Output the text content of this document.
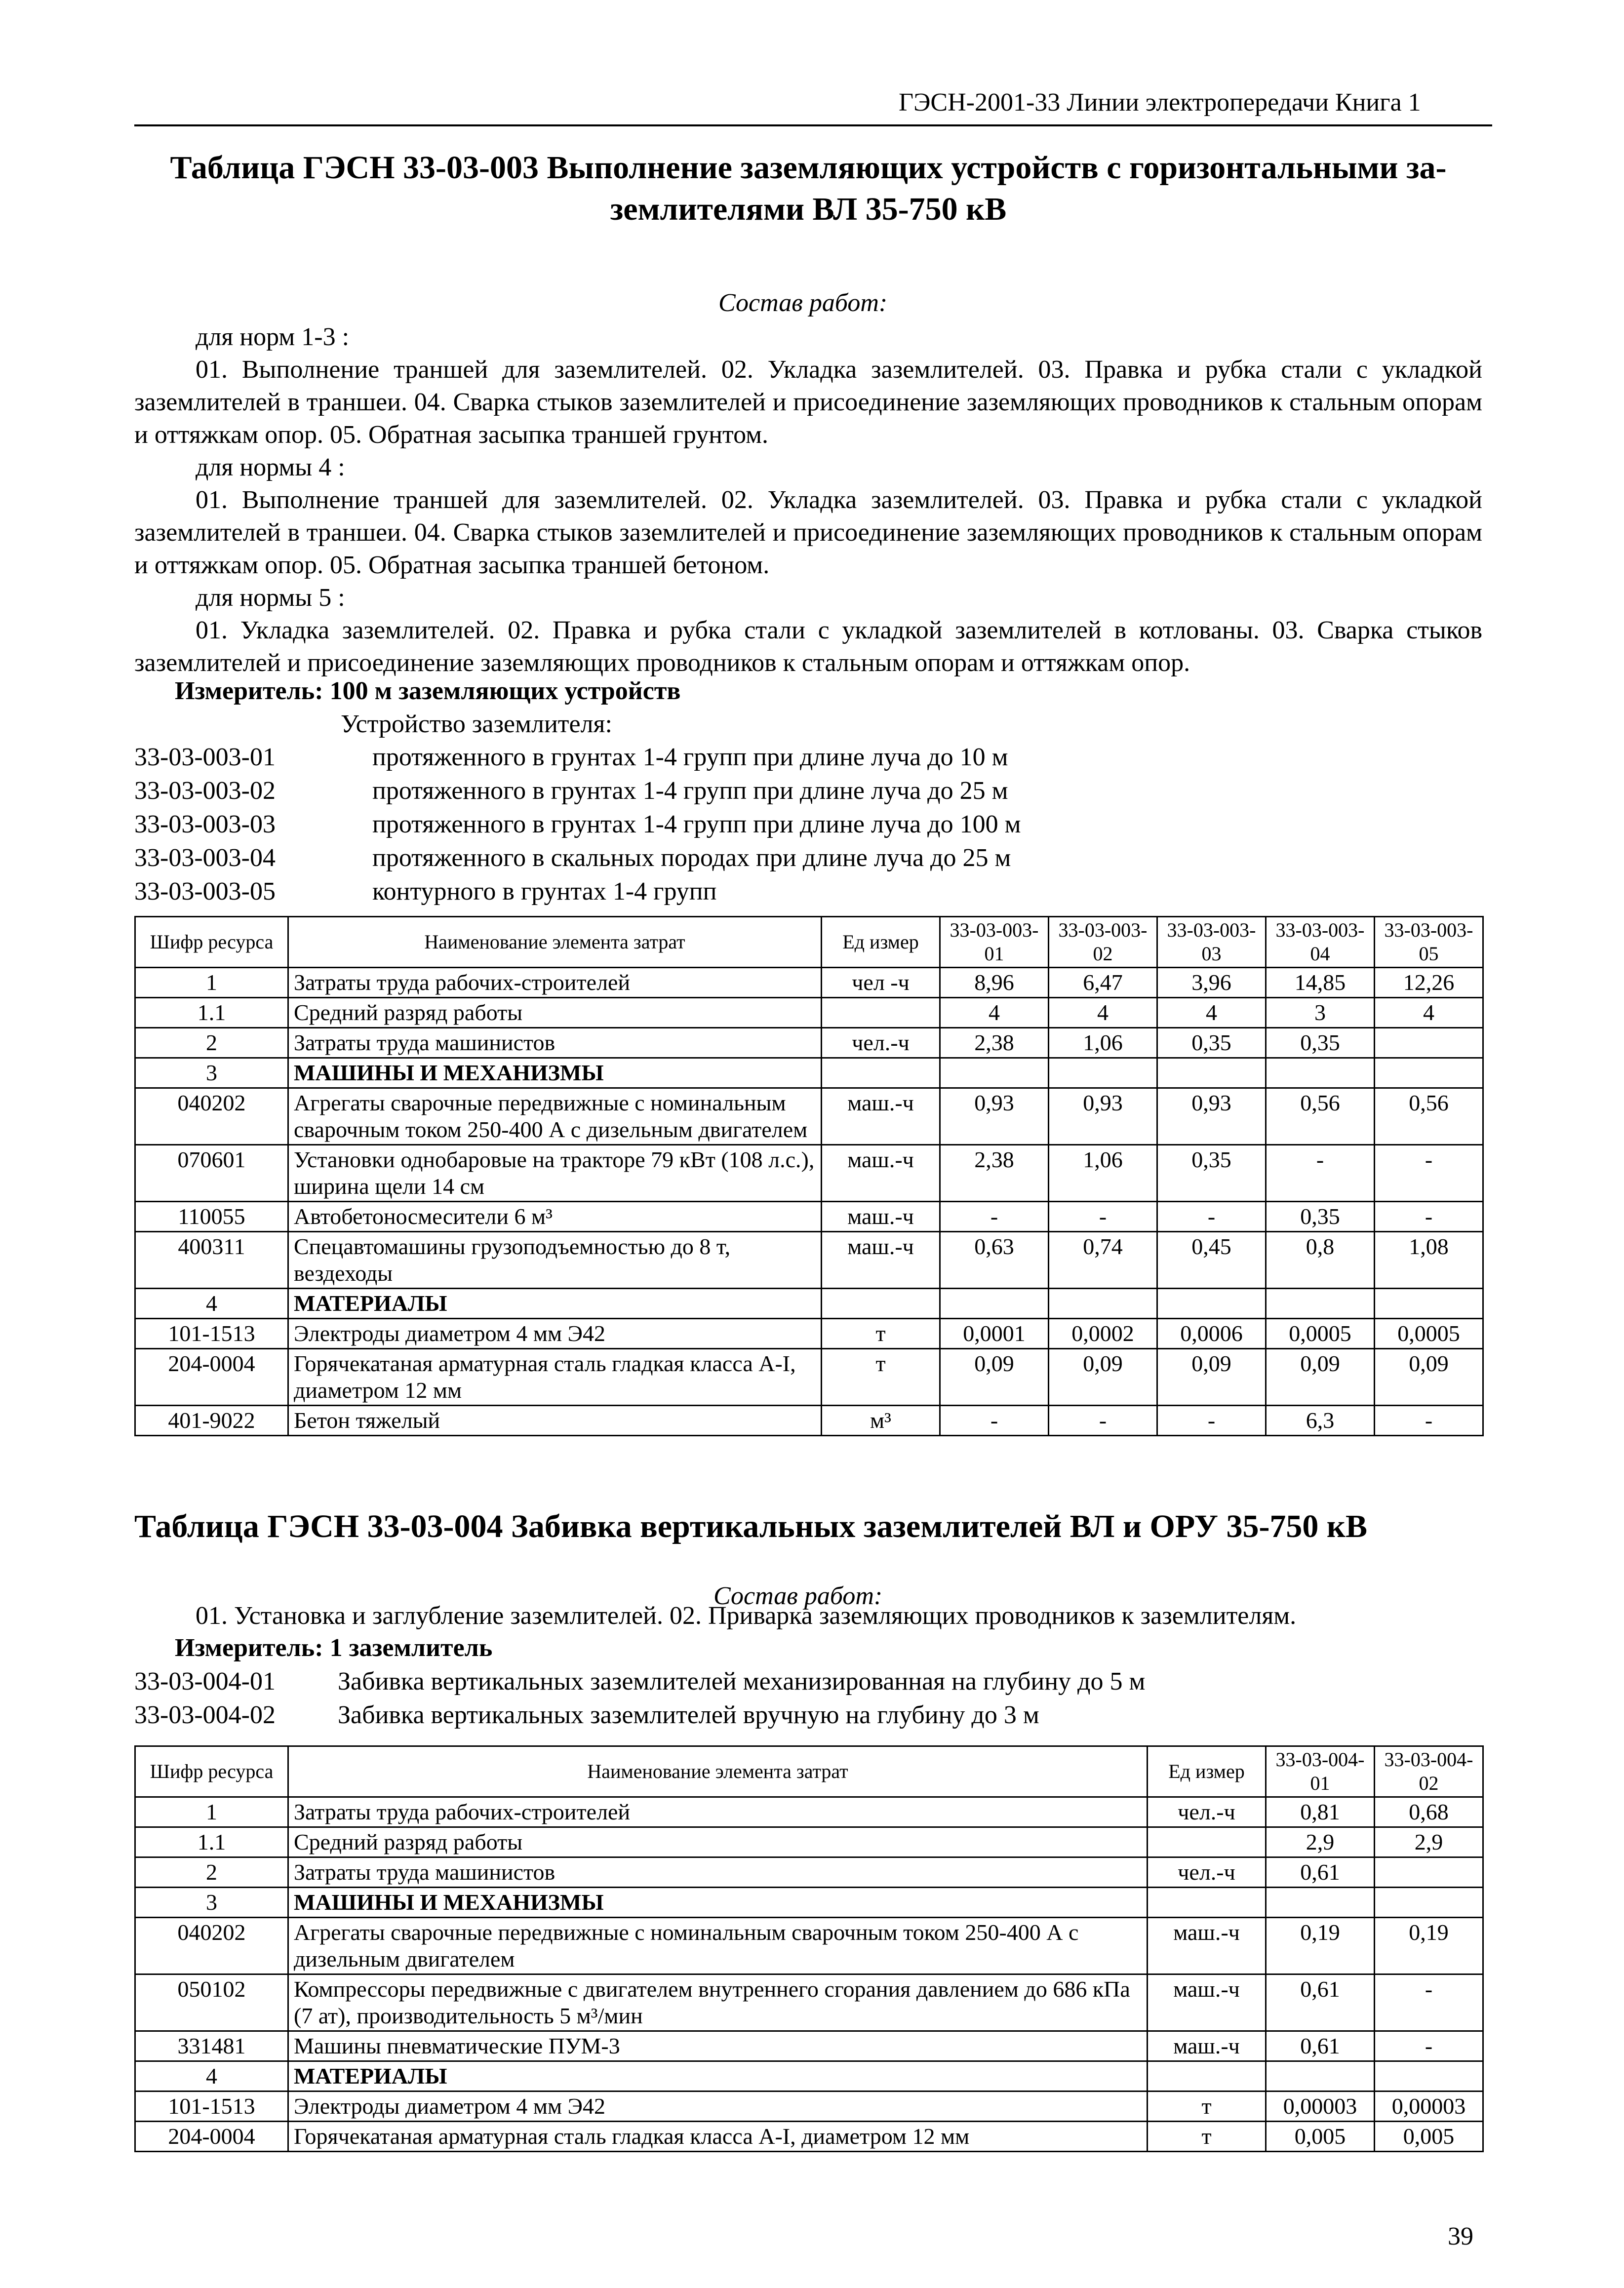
ГЭСН-2001-33 Линии электропередачи Книга 1
Таблица ГЭСН 33-03-003 Выполнение заземляющих устройств с горизонтальными за-
землителями ВЛ 35-750 кВ
Состав работ:
для норм 1-3 :
01. Выполнение траншей для заземлителей. 02. Укладка заземлителей. 03. Правка и рубка стали с укладкой заземлителей в траншеи. 04. Сварка стыков заземлителей и присоединение заземляющих проводников к стальным опорам и оттяжкам опор. 05. Обратная засыпка траншей грунтом.
для нормы 4 :
01. Выполнение траншей для заземлителей. 02. Укладка заземлителей. 03. Правка и рубка стали с укладкой заземлителей в траншеи. 04. Сварка стыков заземлителей и присоединение заземляющих проводников к стальным опорам и оттяжкам опор. 05. Обратная засыпка траншей бетоном.
для нормы 5 :
01. Укладка заземлителей. 02. Правка и рубка стали с укладкой заземлителей в котлованы. 03. Сварка стыков заземлителей и присоединение заземляющих проводников к стальным опорам и оттяжкам опор.
Измеритель: 100 м заземляющих устройств
Устройство заземлителя:
33-03-003-01	протяженного в грунтах 1-4 групп при длине луча до 10 м
33-03-003-02	протяженного в грунтах 1-4 групп при длине луча до 25 м
33-03-003-03	протяженного в грунтах 1-4 групп при длине луча до 100 м
33-03-003-04	протяженного в скальных породах при длине луча до 25 м
33-03-003-05	контурного в грунтах 1-4 групп
Шифр ресурса	Наименование элемента затрат	Ед измер	33-03-003-01	33-03-003-02	33-03-003-03	33-03-003-04	33-03-003-05
1	Затраты труда рабочих-строителей	чел -ч	8,96	6,47	3,96	14,85	12,26
1.1	Средний разряд работы		4	4	4	3	4
2	Затраты труда машинистов	чел.-ч	2,38	1,06	0,35	0,35	
3	МАШИНЫ И МЕХАНИЗМЫ						
040202	Агрегаты сварочные передвижные с номинальным сварочным током 250-400 А с дизельным двигателем	маш.-ч	0,93	0,93	0,93	0,56	0,56
070601	Установки однобаровые на тракторе 79 кВт (108 л.с.), ширина щели 14 см	маш.-ч	2,38	1,06	0,35	-	-
110055	Автобетоносмесители 6 м³	маш.-ч	-	-	-	0,35	-
400311	Спецавтомашины грузоподъемностью до 8 т, вездеходы	маш.-ч	0,63	0,74	0,45	0,8	1,08
4	МАТЕРИАЛЫ						
101-1513	Электроды диаметром 4 мм Э42	т	0,0001	0,0002	0,0006	0,0005	0,0005
204-0004	Горячекатаная арматурная сталь гладкая класса А-I, диаметром 12 мм	т	0,09	0,09	0,09	0,09	0,09
401-9022	Бетон тяжелый	м³	-	-	-	6,3	-
Таблица ГЭСН 33-03-004 Забивка вертикальных заземлителей ВЛ и ОРУ 35-750 кВ
Состав работ:
01. Установка и заглубление заземлителей. 02. Приварка заземляющих проводников к заземлителям.
Измеритель: 1 заземлитель
33-03-004-01	Забивка вертикальных заземлителей механизированная на глубину до 5 м
33-03-004-02	Забивка вертикальных заземлителей вручную на глубину до 3 м
Шифр ресурса	Наименование элемента затрат	Ед измер	33-03-004-01	33-03-004-02
1	Затраты труда рабочих-строителей	чел.-ч	0,81	0,68
1.1	Средний разряд работы		2,9	2,9
2	Затраты труда машинистов	чел.-ч	0,61	
3	МАШИНЫ И МЕХАНИЗМЫ			
040202	Агрегаты сварочные передвижные с номинальным сварочным током 250-400 А с дизельным двигателем	маш.-ч	0,19	0,19
050102	Компрессоры передвижные с двигателем внутреннего сгорания давлением до 686 кПа (7 ат), производительность 5 м³/мин	маш.-ч	0,61	-
331481	Машины пневматические ПУМ-3	маш.-ч	0,61	-
4	МАТЕРИАЛЫ			
101-1513	Электроды диаметром 4 мм Э42	т	0,00003	0,00003
204-0004	Горячекатаная арматурная сталь гладкая класса А-I, диаметром 12 мм	т	0,005	0,005
39
